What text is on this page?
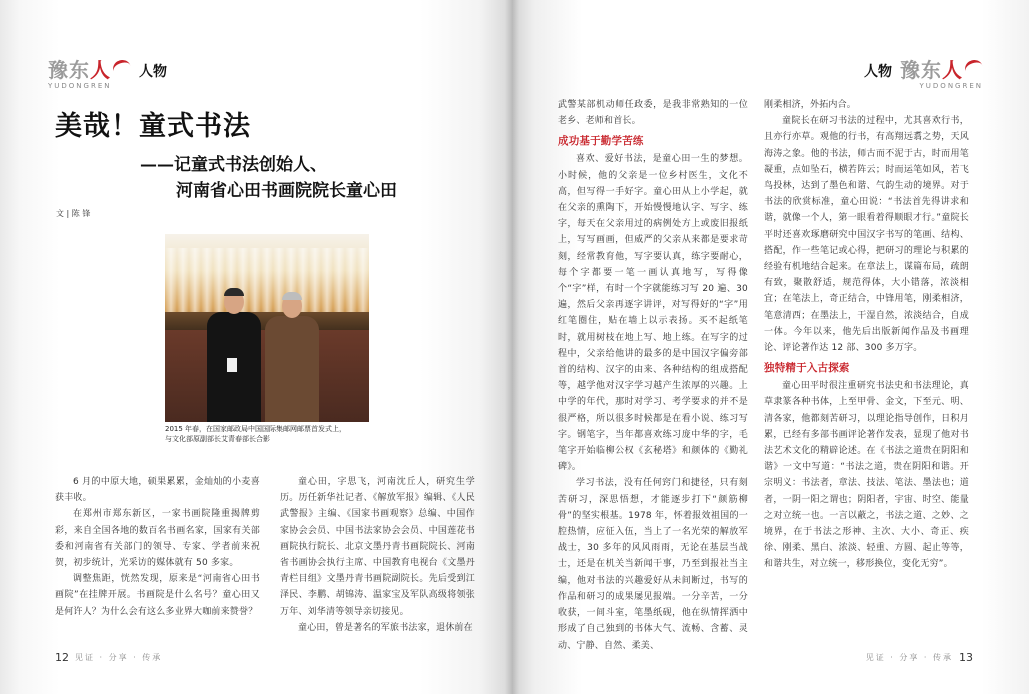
豫东人
YUDONGREN
人物
美哉！童式书法
——记童式书法创始人、
河南省心田书画院院长童心田
文 | 陈 锋
2015 年春，在国家邮政局中国国际集邮网邮票首发式上，
与文化部原副部长艾青春部长合影

6 月的中原大地，硕果累累，金灿灿的小麦喜获丰收。

在郑州市郑东新区，一家书画院隆重揭牌剪彩，来自全国各地的数百名书画名家，国家有关部委和河南省有关部门的领导、专家、学者前来祝贺，初步统计，光采访的媒体就有 50 多家。

调整焦距，恍然发现，原来是“河南省心田书画院”在挂牌开展。书画院是什么名号？童心田又是何许人？为什么会有这么多业界大咖前来赞誉？

童心田，字思飞，河南沈丘人，研究生学历。历任新华社记者、《解放军报》编辑、《人民武警报》主编、《国家书画观察》总编、中国作家协会会员、中国书法家协会会员、中国莲花书画院执行院长、北京文墨丹青书画院院长、河南省书画协会执行主席、中国教育电视台《文墨丹青栏目组》文墨丹青书画院副院长。先后受到江泽民、李鹏、胡锦涛、温家宝及军队高级将领张万年、刘华清等领导亲切接见。

童心田，曾是著名的军旅书法家，退休前在

12 见证 · 分享 · 传承
人物 豫东人
YUDONGREN

武警某部机动师任政委，是我非常熟知的一位老乡、老师和首长。

成功基于勤学苦练

喜欢、爱好书法，是童心田一生的梦想。小时候，他的父亲是一位乡村医生，文化不高，但写得一手好字。童心田从上小学起，就在父亲的熏陶下，开始慢慢地认字、写字、练字，每天在父亲用过的病例处方上或废旧报纸上，写写画画，但威严的父亲从来都是要求苛刻，经常教育他，写字要认真，练字要耐心，每个字都要一笔一画认真地写，写得像个“字”样，有时一个字就能练习写 20 遍、30 遍，然后父亲再逐字讲评，对写得好的“字”用红笔圈住，贴在墙上以示表扬。买不起纸笔时，就用树枝在地上写、地上练。在写字的过程中，父亲给他讲的最多的是中国汉字偏旁部首的结构、汉字的由来、各种结构的组成搭配等，越学他对汉字学习越产生浓厚的兴趣。上中学的年代，那时对学习、考学要求的并不是很严格，所以很多时候都是在看小说、练习写字。钢笔字，当年都喜欢练习庞中华的字，毛笔字开始临柳公权《玄秘塔》和颜体的《勤礼碑》。

学习书法，没有任何窍门和捷径，只有刻苦研习，深思悟想，才能逐步打下“颜筋柳骨”的坚实根基。1978 年，怀着报效祖国的一腔热情，应征入伍，当上了一名光荣的解放军战士，30 多年的风风雨雨，无论在基层当战士，还是在机关当新闻干事，乃至到报社当主编，他对书法的兴趣爱好从未间断过，书写的作品和研习的成果屡见报端。一分辛苦，一分收获，一间斗室，笔墨纸砚，他在纵情挥洒中形成了自己独到的书体大气、流畅、含蓄、灵动、宁静、自然、柔美、

刚柔相济，外拓内合。

童院长在研习书法的过程中，尤其喜欢行书，且亦行亦草。观他的行书，有高翔远翥之势，天风海涛之象。他的书法，师古而不泥于古，时而用笔凝重，点如坠石，横若阵云；时而运笔如风，若飞鸟投林，达到了墨色和谐、气韵生动的境界。对于书法的欣赏标准，童心田说：“书法首先得讲求和谐，就像一个人，第一眼看着得顺眼才行。”童院长平时还喜欢琢磨研究中国汉字书写的笔画、结构、搭配，作一些笔记或心得，把研习的理论与积累的经验有机地结合起来。在章法上，谋篇布局，疏朗有致，聚散舒适，规范得体，大小错落，浓淡相宜；在笔法上，奇正结合，中锋用笔，刚柔相济，笔意清西；在墨法上，干湿自然，浓淡结合，自成一体。今年以来，他先后出版新闻作品及书画理论、评论著作达 12 部、300 多万字。

独特精于入古探索

童心田平时很注重研究书法史和书法理论，真草隶篆各种书体，上至甲骨、金文，下至元、明、清各家，他都刻苦研习，以理论指导创作，日积月累，已经有多部书画评论著作发表，显现了他对书法艺术文化的精辟论述。在《书法之道贵在阴阳和谐》一文中写道：“书法之道，贵在阴阳和谐。开宗明义：书法者，章法、技法、笔法、墨法也；道者，一阴一阳之谓也；阴阳者，宇宙、时空、能量之对立统一也。一言以蔽之，书法之道、之妙、之境界，在于书法之形神、主次、大小、奇正、疾徐、刚柔、黑白、浓淡、轻重、方圆、起止等等，和谐共生，对立统一，移形换位，变化无穷”。

见证 · 分享 · 传承 13
